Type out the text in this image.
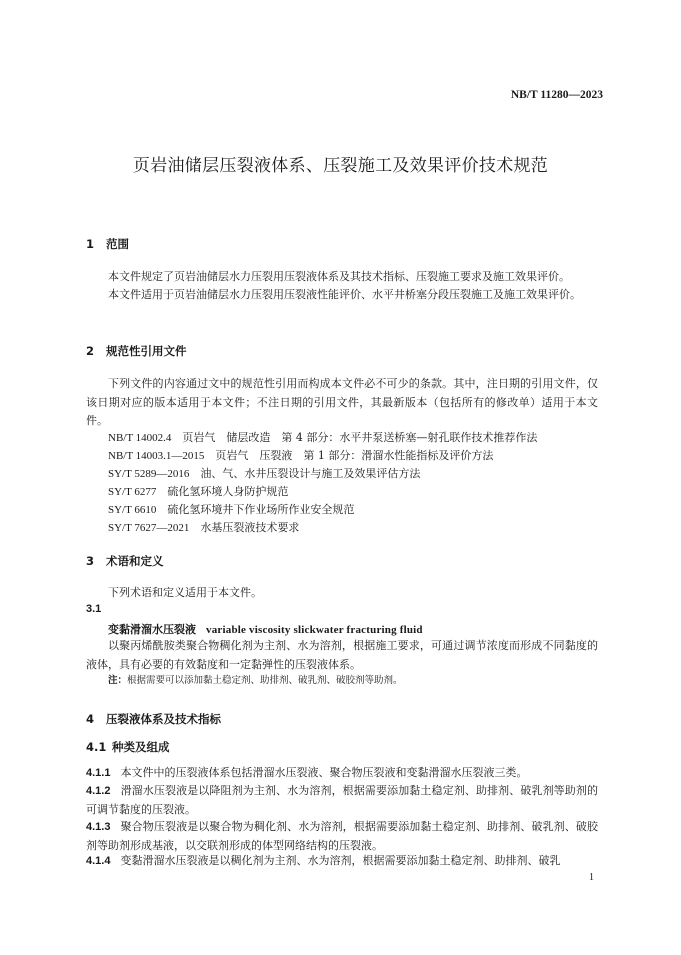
NB/T 11280—2023
页岩油储层压裂液体系、压裂施工及效果评价技术规范
1 范围

本文件规定了页岩油储层水力压裂用压裂液体系及其技术指标、压裂施工要求及施工效果评价。

本文件适用于页岩油储层水力压裂用压裂液性能评价、水平井桥塞分段压裂施工及施工效果评价。

2 规范性引用文件

下列文件的内容通过文中的规范性引用而构成本文件必不可少的条款。其中，注日期的引用文件，仅该日期对应的版本适用于本文件；不注日期的引用文件，其最新版本（包括所有的修改单）适用于本文件。

NB/T 14002.4　 页岩气　储层改造　第 4 部分：水平井泵送桥塞—射孔联作技术推荐作法
NB/T 14003.1—2015　 页岩气　压裂液　第 1 部分：滑溜水性能指标及评价方法
SY/T 5289—2016　 油、气、水井压裂设计与施工及效果评估方法
SY/T 6277　 硫化氢环境人身防护规范
SY/T 6610　 硫化氢环境井下作业场所作业安全规范
SY/T 7627—2021　 水基压裂液技术要求
3 术语和定义

下列术语和定义适用于本文件。

3.1
变黏滑溜水压裂液 variable viscosity slickwater fracturing fluid

以聚丙烯酰胺类聚合物稠化剂为主剂、水为溶剂，根据施工要求，可通过调节浓度而形成不同黏度的液体，具有必要的有效黏度和一定黏弹性的压裂液体系。

注：根据需要可以添加黏土稳定剂、助排剂、破乳剂、破胶剂等助剂。
4 压裂液体系及技术指标
4.1 种类及组成

4.1.1 本文件中的压裂液体系包括滑溜水压裂液、聚合物压裂液和变黏滑溜水压裂液三类。

4.1.2 滑溜水压裂液是以降阻剂为主剂、水为溶剂，根据需要添加黏土稳定剂、助排剂、破乳剂等助剂的可调节黏度的压裂液。

4.1.3 聚合物压裂液是以聚合物为稠化剂、水为溶剂，根据需要添加黏土稳定剂、助排剂、破乳剂、破胶剂等助剂形成基液，以交联剂形成的体型网络结构的压裂液。

4.1.4 变黏滑溜水压裂液是以稠化剂为主剂、水为溶剂，根据需要添加黏土稳定剂、助排剂、破乳

1
